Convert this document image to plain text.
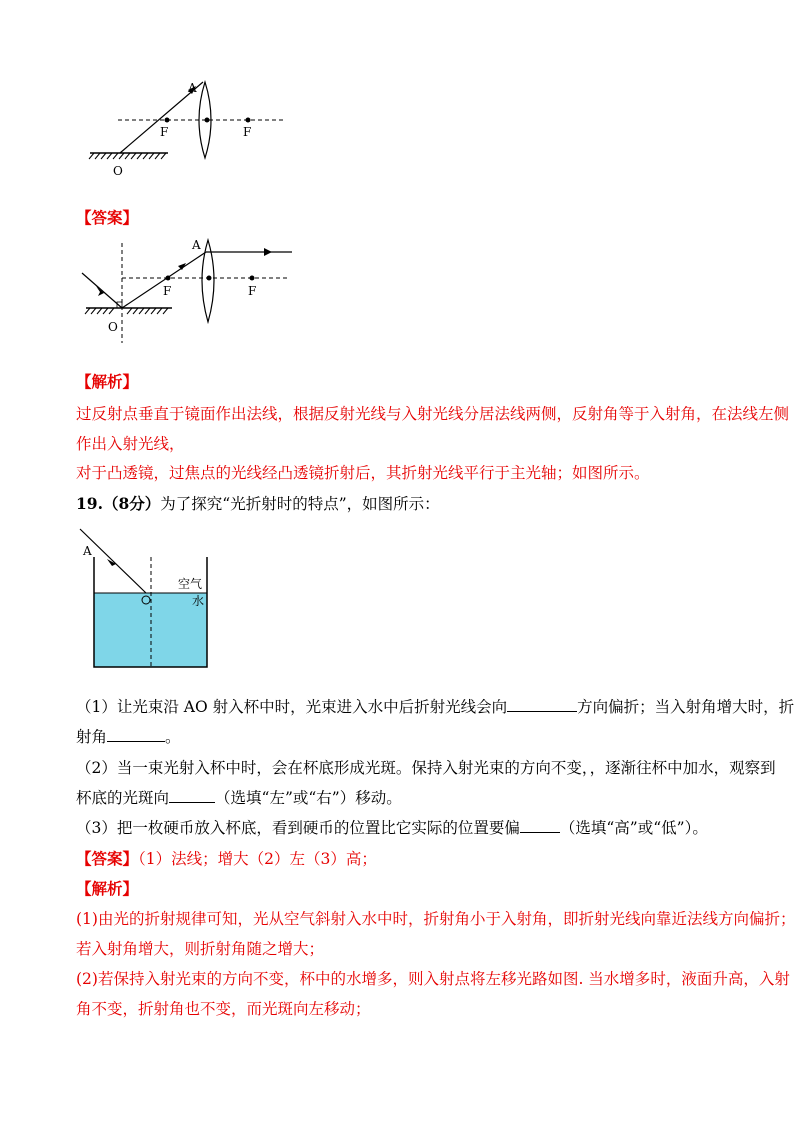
A
F	F
O
【答案】
A
F	F
O
【解析】
过反射点垂直于镜面作出法线，根据反射光线与入射光线分居法线两侧，反射角等于入射角，在法线左侧
作出入射光线，
对于凸透镜，过焦点的光线经凸透镜折射后，其折射光线平行于主光轴；如图所示。
19.（8分）为了探究“光折射时的特点”，如图所示：
A
空气
水
（1）让光束沿 AO 射入杯中时，光束进入水中后折射光线会向	方向偏折；当入射角增大时，折
射角	。
（2）当一束光射入杯中时，会在杯底形成光斑。保持入射光束的方向不变，，逐渐往杯中加水，观察到
杯底的光斑向	（选填“左”或“右”）移动。
（3）把一枚硬币放入杯底，看到硬币的位置比它实际的位置要偏	（选填“高”或“低”）。
【答案】（1）法线；增大（2）左（3）高；
【解析】
(1)由光的折射规律可知，光从空气斜射入水中时，折射角小于入射角，即折射光线向靠近法线方向偏折；
若入射角增大，则折射角随之增大；
(2)若保持入射光束的方向不变，杯中的水增多，则入射点将左移光路如图. 当水增多时，液面升高，入射
角不变，折射角也不变，而光斑向左移动；
